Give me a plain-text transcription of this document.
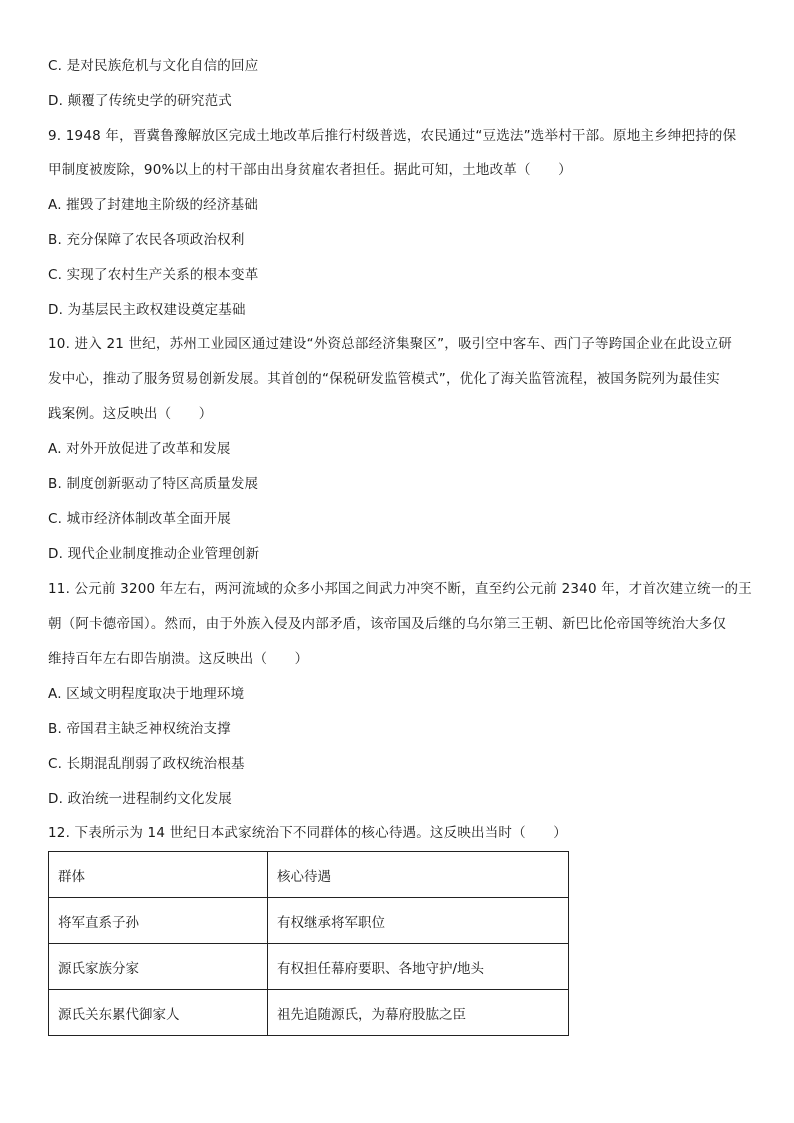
C. 是对民族危机与文化自信的回应
D. 颠覆了传统史学的研究范式
9. 1948 年，晋冀鲁豫解放区完成土地改革后推行村级普选，农民通过“豆选法”选举村干部。原地主乡绅把持的保
甲制度被废除，90%以上的村干部由出身贫雇农者担任。据此可知，土地改革（　　）
A. 摧毁了封建地主阶级的经济基础
B. 充分保障了农民各项政治权利
C. 实现了农村生产关系的根本变革
D. 为基层民主政权建设奠定基础
10. 进入 21 世纪，苏州工业园区通过建设“外资总部经济集聚区”，吸引空中客车、西门子等跨国企业在此设立研
发中心，推动了服务贸易创新发展。其首创的“保税研发监管模式”，优化了海关监管流程，被国务院列为最佳实
践案例。这反映出（　　）
A. 对外开放促进了改革和发展
B. 制度创新驱动了特区高质量发展
C. 城市经济体制改革全面开展
D. 现代企业制度推动企业管理创新
11. 公元前 3200 年左右，两河流域的众多小邦国之间武力冲突不断，直至约公元前 2340 年，才首次建立统一的王
朝（阿卡德帝国）。然而，由于外族入侵及内部矛盾，该帝国及后继的乌尔第三王朝、新巴比伦帝国等统治大多仅
维持百年左右即告崩溃。这反映出（　　）
A. 区域文明程度取决于地理环境
B. 帝国君主缺乏神权统治支撑
C. 长期混乱削弱了政权统治根基
D. 政治统一进程制约文化发展
12. 下表所示为 14 世纪日本武家统治下不同群体的核心待遇。这反映出当时（　　）
群体	核心待遇
将军直系子孙	有权继承将军职位
源氏家族分家	有权担任幕府要职、各地守护/地头
源氏关东累代御家人	祖先追随源氏，为幕府股肱之臣
